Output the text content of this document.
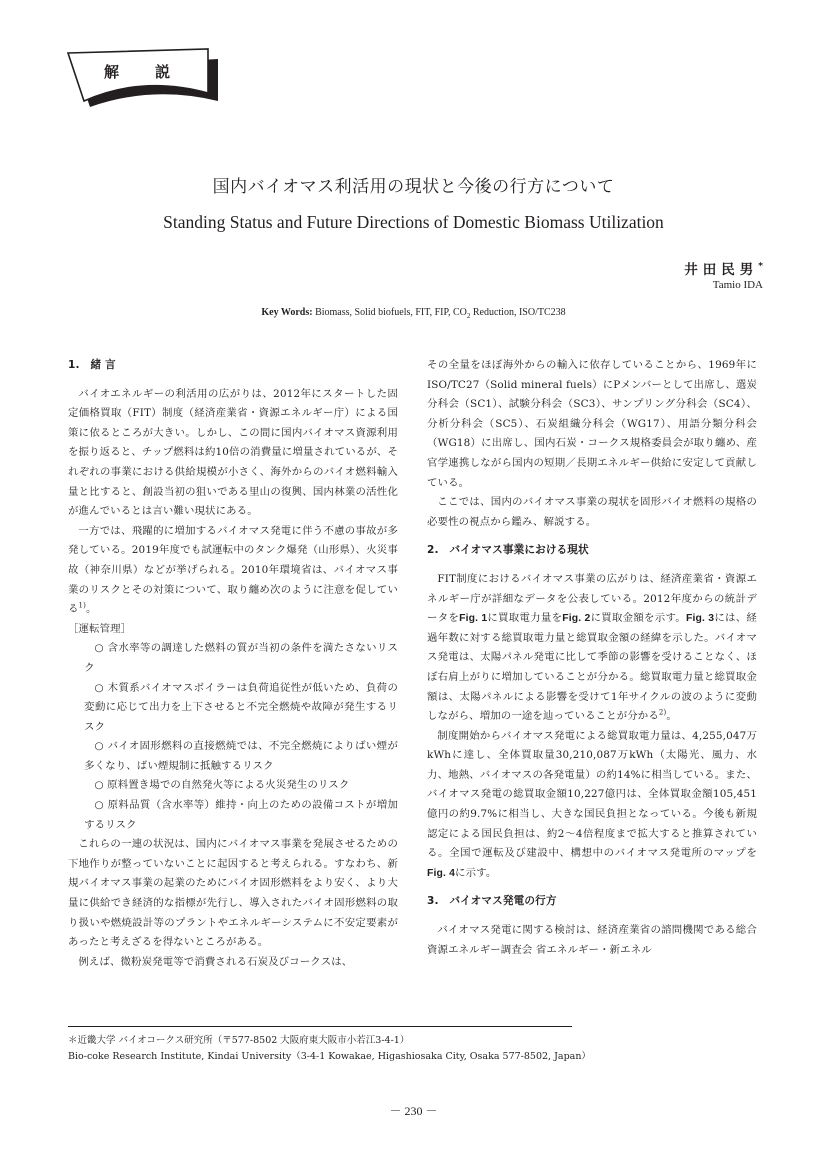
解説
国内バイオマス利活用の現状と今後の行方について
Standing Status and Future Directions of Domestic Biomass Utilization
井田民男*
Tamio IDA
Key Words: Biomass, Solid biofuels, FIT, FIP, $CO_2$ Reduction, ISO/TC238
1.　緒 言

バイオエネルギーの利活用の広がりは、2012年にスタートした固定価格買取（FIT）制度（経済産業省・資源エネルギー庁）による国策に依るところが大きい。しかし、この間に国内バイオマス資源利用を振り返ると、チップ燃料は約10倍の消費量に増量されているが、それぞれの事業における供給規模が小さく、海外からのバイオ燃料輸入量と比すると、創設当初の狙いである里山の復興、国内林業の活性化が進んでいるとは言い難い現状にある。

一方では、飛躍的に増加するバイオマス発電に伴う不慮の事故が多発している。2019年度でも試運転中のタンク爆発（山形県）、火災事故（神奈川県）などが挙げられる。2010年環境省は、バイオマス事業のリスクとその対策について、取り纏め次のように注意を促している$^{1)}$。

［運転管理］

○ 含水率等の調達した燃料の質が当初の条件を満たさないリスク

○ 木質系バイオマスボイラーは負荷追従性が低いため、負荷の変動に応じて出力を上下させると不完全燃焼や故障が発生するリスク

○ バイオ固形燃料の直接燃焼では、不完全燃焼によりばい煙が多くなり、ばい煙規制に抵触するリスク

○ 原料置き場での自然発火等による火災発生のリスク

○ 原料品質（含水率等）維持・向上のための設備コストが増加するリスク

これらの一連の状況は、国内にバイオマス事業を発展させるための下地作りが整っていないことに起因すると考えられる。すなわち、新規バイオマス事業の起業のためにバイオ固形燃料をより安く、より大量に供給でき経済的な指標が先行し、導入されたバイオ固形燃料の取り扱いや燃焼設計等のプラントやエネルギーシステムに不安定要素があったと考えざるを得ないところがある。

例えば、微粉炭発電等で消費される石炭及びコークスは、

その全量をほぼ海外からの輸入に依存していることから、1969年にISO/TC27（Solid mineral fuels）にPメンバーとして出席し、選炭分科会（SC1）、試験分科会（SC3）、サンプリング分科会（SC4）、分析分科会（SC5）、石炭組織分科会（WG17）、用語分類分科会（WG18）に出席し、国内石炭・コークス規格委員会が取り纏め、産官学連携しながら国内の短期／長期エネルギー供給に安定して貢献している。

ここでは、国内のバイオマス事業の現状を固形バイオ燃料の規格の必要性の視点から鑑み、解説する。

2.　バイオマス事業における現状

FIT制度におけるバイオマス事業の広がりは、経済産業省・資源エネルギー庁が詳細なデータを公表している。2012年度からの統計データをFig. 1に買取電力量をFig. 2に買取金額を示す。Fig. 3には、経過年数に対する総買取電力量と総買取金額の経緯を示した。バイオマス発電は、太陽パネル発電に比して季節の影響を受けることなく、ほぼ右肩上がりに増加していることが分かる。総買取電力量と総買取金額は、太陽パネルによる影響を受けて1年サイクルの波のように変動しながら、増加の一途を辿っていることが分かる$^{2)}$。

制度開始からバイオマス発電による総買取電力量は、4,255,047万kWhに達し、全体買取量30,210,087万kWh（太陽光、風力、水力、地熱、バイオマスの各発電量）の約14%に相当している。また、バイオマス発電の総買取金額10,227億円は、全体買取金額105,451億円の約9.7%に相当し、大きな国民負担となっている。今後も新規認定による国民負担は、約2～4倍程度まで拡大すると推算されている。全国で運転及び建設中、構想中のバイオマス発電所のマップをFig. 4に示す。

3.　バイオマス発電の行方

バイオマス発電に関する検討は、経済産業省の諮問機関である総合資源エネルギー調査会 省エネルギー・新エネル

＊近畿大学 バイオコークス研究所（〒577-8502 大阪府東大阪市小若江3-4-1）
Bio-coke Research Institute, Kindai University（3-4-1 Kowakae, Higashiosaka City, Osaka 577-8502, Japan）
－ 230 －
